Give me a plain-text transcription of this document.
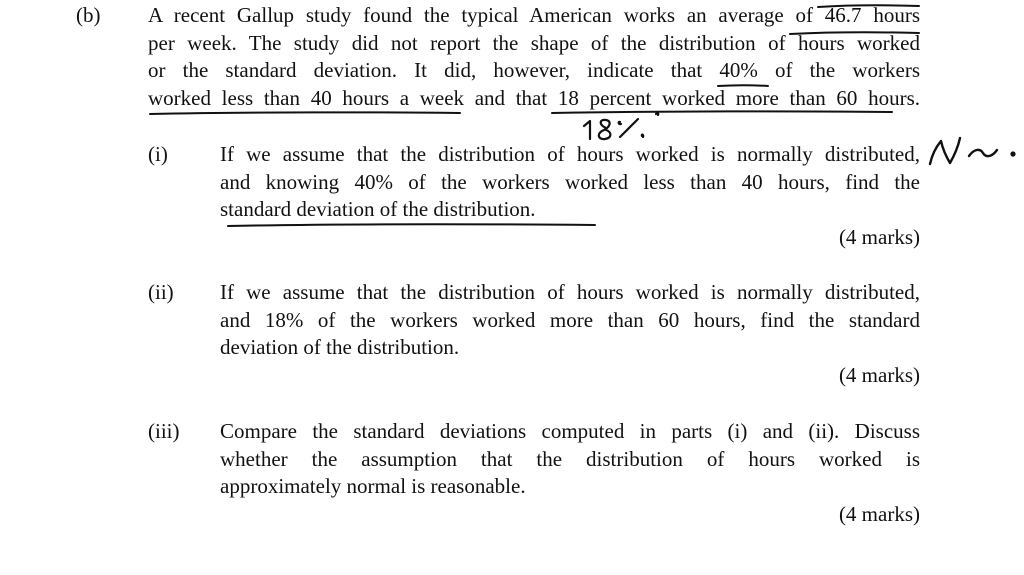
(b) A recent Gallup study found the typical American works an average of 46.7 hours
per week. The study did not report the shape of the distribution of hours worked
or the standard deviation. It did, however, indicate that 40% of the workers
worked less than 40 hours a week and that 18 percent worked more than 60 hours.
(i) If we assume that the distribution of hours worked is normally distributed,
and knowing 40% of the workers worked less than 40 hours, find the
standard deviation of the distribution.
(4 marks)
(ii) If we assume that the distribution of hours worked is normally distributed,
and 18% of the workers worked more than 60 hours, find the standard
deviation of the distribution.
(4 marks)
(iii) Compare the standard deviations computed in parts (i) and (ii). Discuss
whether the assumption that the distribution of hours worked is
approximately normal is reasonable.
(4 marks)
